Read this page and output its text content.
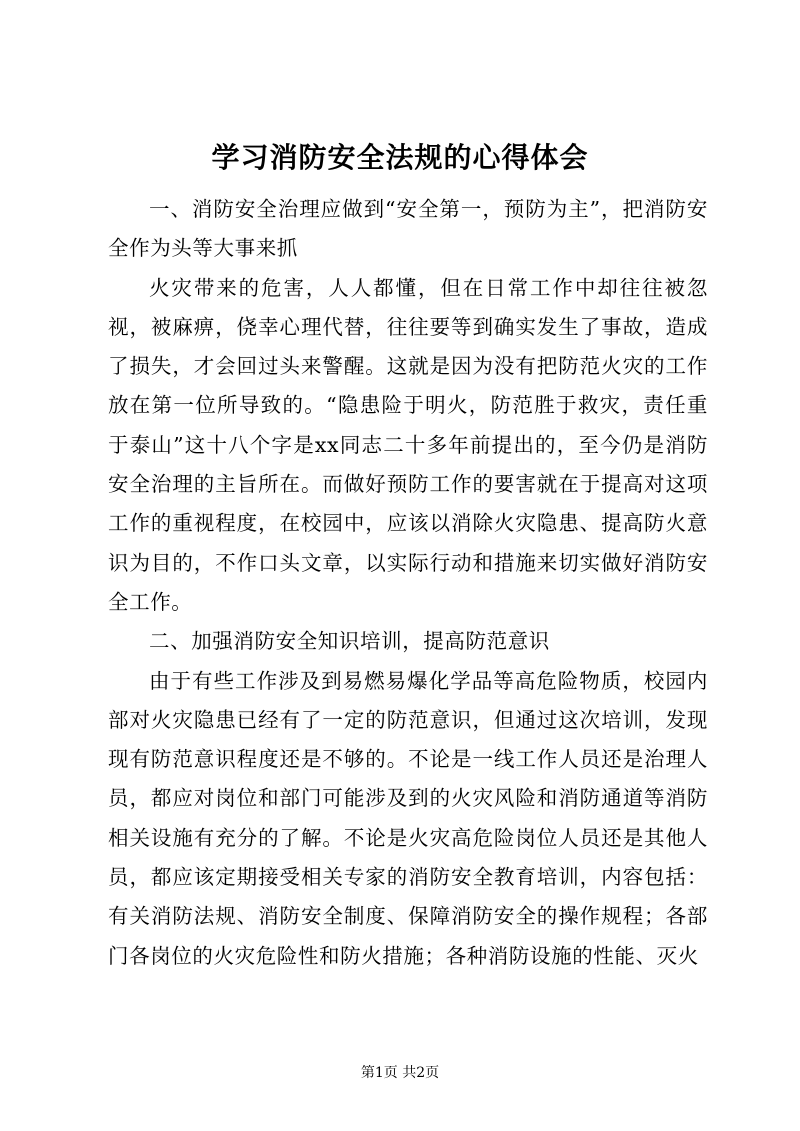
学习消防安全法规的心得体会

一、消防安全治理应做到“安全第一，预防为主”，把消防安全作为头等大事来抓

火灾带来的危害，人人都懂，但在日常工作中却往往被忽视，被麻痹，侥幸心理代替，往往要等到确实发生了事故，造成了损失，才会回过头来警醒。这就是因为没有把防范火灾的工作放在第一位所导致的。“隐患险于明火，防范胜于救灾，责任重于泰山”这十八个字是xx同志二十多年前提出的，至今仍是消防安全治理的主旨所在。而做好预防工作的要害就在于提高对这项工作的重视程度，在校园中，应该以消除火灾隐患、提高防火意识为目的，不作口头文章，以实际行动和措施来切实做好消防安全工作。

二、加强消防安全知识培训，提高防范意识

由于有些工作涉及到易燃易爆化学品等高危险物质，校园内部对火灾隐患已经有了一定的防范意识，但通过这次培训，发现现有防范意识程度还是不够的。不论是一线工作人员还是治理人员，都应对岗位和部门可能涉及到的火灾风险和消防通道等消防相关设施有充分的了解。不论是火灾高危险岗位人员还是其他人员，都应该定期接受相关专家的消防安全教育培训，内容包括：有关消防法规、消防安全制度、保障消防安全的操作规程；各部门各岗位的火灾危险性和防火措施；各种消防设施的性能、灭火

第1页 共2页
